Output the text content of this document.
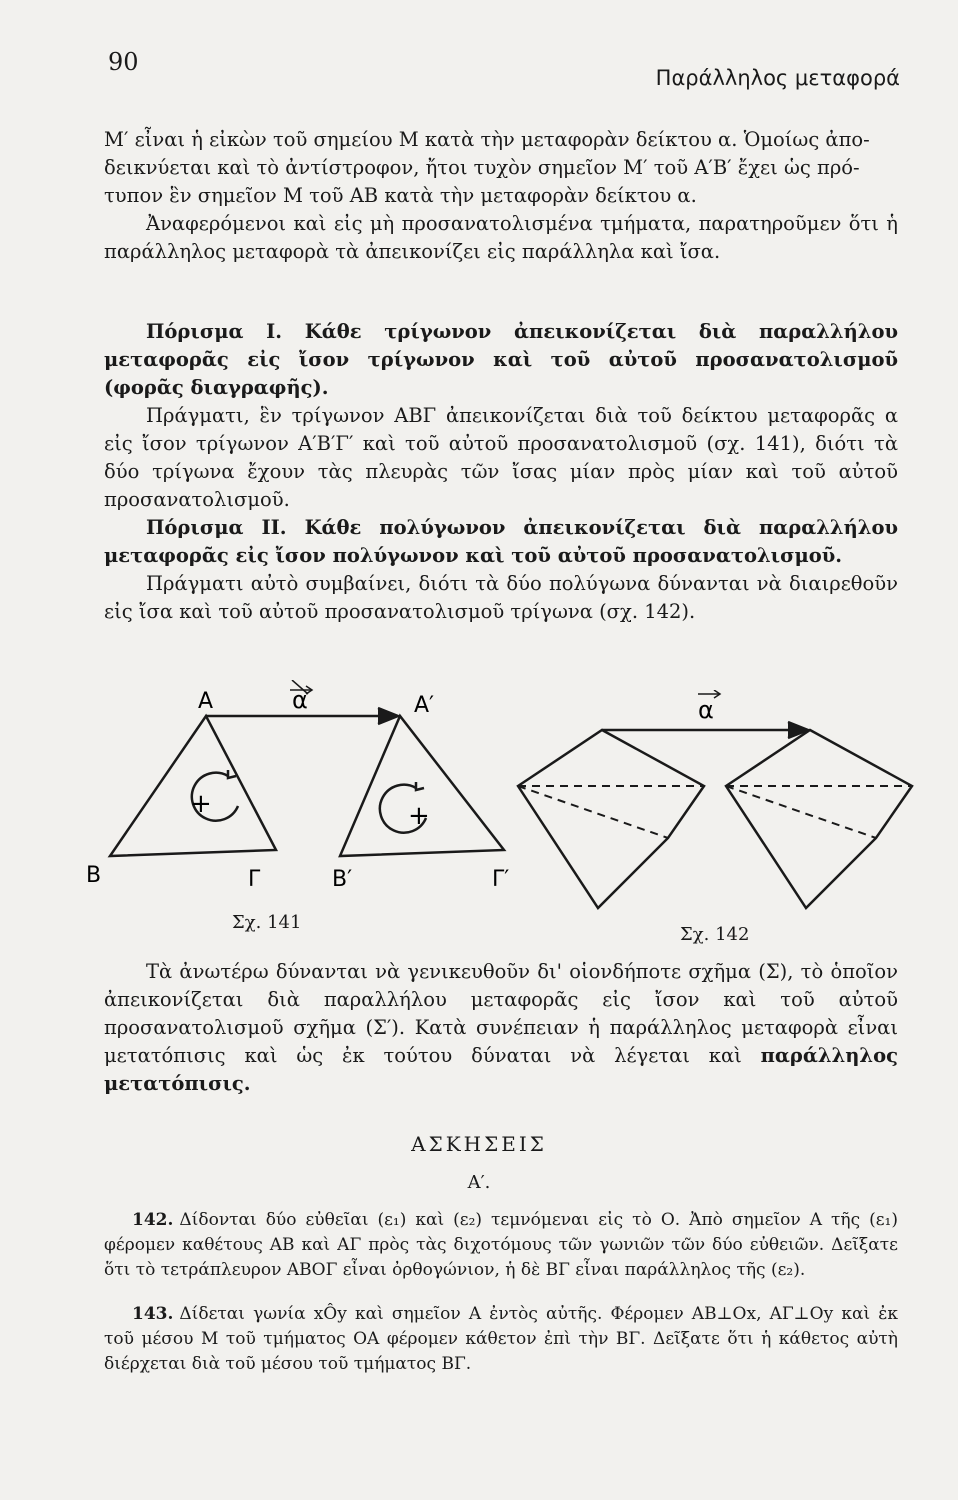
90
Παράλληλος μεταφορά

Μ′ εἶναι ἡ εἰκὼν τοῦ σημείου Μ κατὰ τὴν μεταφορὰν δείκτου α. Ὁμοίως ἀπο-

δεικνύεται καὶ τὸ ἀντίστροφον, ἤτοι τυχὸν σημεῖον Μ′ τοῦ Α′Β′ ἔχει ὡς πρό-

τυπον ἓν σημεῖον Μ τοῦ ΑΒ κατὰ τὴν μεταφορὰν δείκτου α.

Ἀναφερόμενοι καὶ εἰς μὴ προσανατολισμένα τμήματα, παρατηροῦμεν ὅτι ἡ παράλληλος μεταφορὰ τὰ ἀπεικονίζει εἰς παράλληλα καὶ ἴσα.

Πόρισμα Ι. Κάθε τρίγωνον ἀπεικονίζεται διὰ παραλλήλου μεταφορᾶς εἰς ἴσον τρίγωνον καὶ τοῦ αὐτοῦ προσανατολισμοῦ (φορᾶς διαγραφῆς).

Πράγματι, ἓν τρίγωνον ΑΒΓ ἀπεικονίζεται διὰ τοῦ δείκτου μεταφορᾶς α εἰς ἴσον τρίγωνον Α′Β′Γ′ καὶ τοῦ αὐτοῦ προσανατολισμοῦ (σχ. 141), διότι τὰ δύο τρίγωνα ἔχουν τὰς πλευρὰς τῶν ἴσας μίαν πρὸς μίαν καὶ τοῦ αὐτοῦ προσανατολισμοῦ.

Πόρισμα ΙΙ. Κάθε πολύγωνον ἀπεικονίζεται διὰ παραλλήλου μεταφορᾶς εἰς ἴσον πολύγωνον καὶ τοῦ αὐτοῦ προσανατολισμοῦ.

Πράγματι αὐτὸ συμβαίνει, διότι τὰ δύο πολύγωνα δύνανται νὰ διαιρεθοῦν εἰς ἴσα καὶ τοῦ αὐτοῦ προσανατολισμοῦ τρίγωνα (σχ. 142).

A	α	A′
B	Γ	B′	Γ′
+	+
Σχ. 141
α
Σχ. 142

Τὰ ἀνωτέρω δύνανται νὰ γενικευθοῦν δι' οἱονδήποτε σχῆμα (Σ), τὸ ὁποῖον ἀπεικονίζεται διὰ παραλλήλου μεταφορᾶς εἰς ἴσον καὶ τοῦ αὐτοῦ προσανατολισμοῦ σχῆμα (Σ′). Κατὰ συνέπειαν ἡ παράλληλος μεταφορὰ εἶναι μετατόπισις καὶ ὡς ἐκ τούτου δύναται νὰ λέγεται καὶ παράλληλος μετατόπισις.

ΑΣΚΗΣΕΙΣ
Α′.
142. Δίδονται δύο εὐθεῖαι (ε₁) καὶ (ε₂) τεμνόμεναι εἰς τὸ Ο. Ἀπὸ σημεῖον Α τῆς (ε₁) φέρομεν καθέτους ΑΒ καὶ ΑΓ πρὸς τὰς διχοτόμους τῶν γωνιῶν τῶν δύο εὐθειῶν. Δεῖξατε ὅτι τὸ τετράπλευρον ΑΒΟΓ εἶναι ὀρθογώνιον, ἡ δὲ ΒΓ εἶναι παράλληλος τῆς (ε₂).
143. Δίδεται γωνία xÔy καὶ σημεῖον Α ἐντὸς αὐτῆς. Φέρομεν ΑΒ⊥Οx, ΑΓ⊥Οy καὶ ἐκ τοῦ μέσου Μ τοῦ τμήματος ΟΑ φέρομεν κάθετον ἐπὶ τὴν ΒΓ. Δεῖξατε ὅτι ἡ κάθετος αὐτὴ διέρχεται διὰ τοῦ μέσου τοῦ τμήματος ΒΓ.
